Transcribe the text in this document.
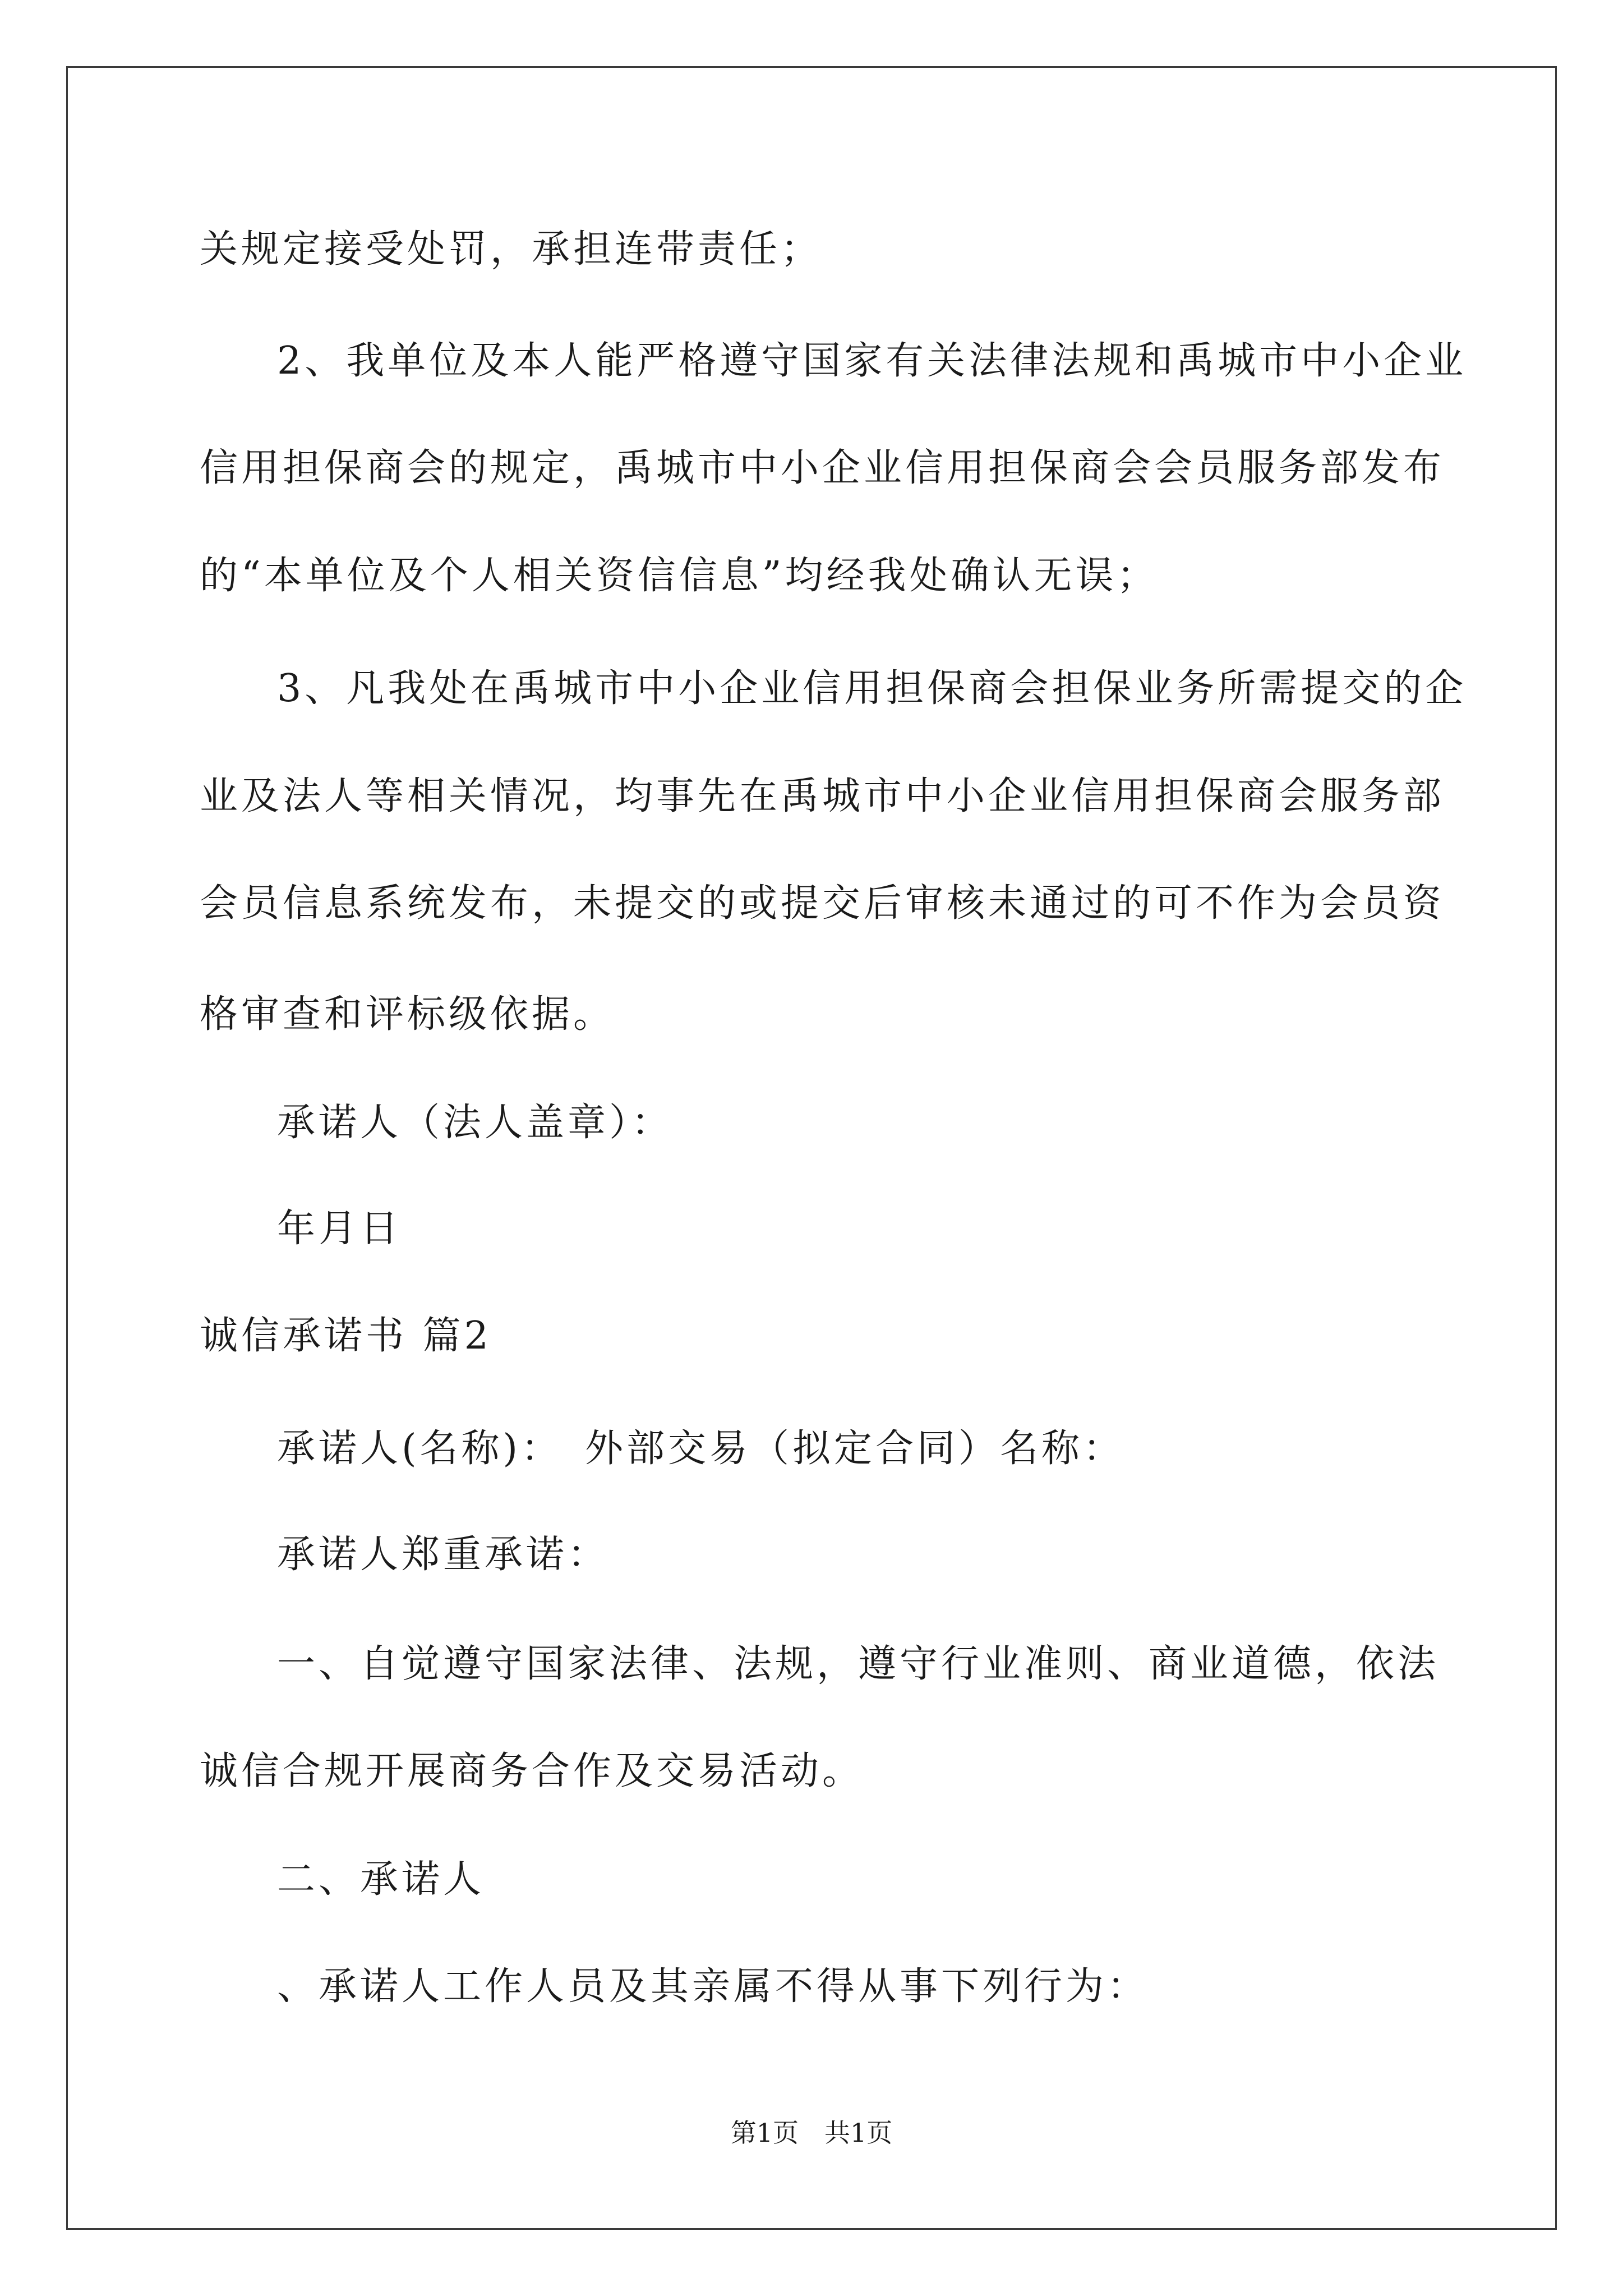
关规定接受处罚，承担连带责任；

2、我单位及本人能严格遵守国家有关法律法规和禹城市中小企业

信用担保商会的规定，禹城市中小企业信用担保商会会员服务部发布

的“本单位及个人相关资信信息”均经我处确认无误；

3、凡我处在禹城市中小企业信用担保商会担保业务所需提交的企

业及法人等相关情况，均事先在禹城市中小企业信用担保商会服务部

会员信息系统发布，未提交的或提交后审核未通过的可不作为会员资

格审查和评标级依据。

承诺人（法人盖章）：

年月日

诚信承诺书 篇2

承诺人(名称)：　外部交易（拟定合同）名称：

承诺人郑重承诺：

一、自觉遵守国家法律、法规，遵守行业准则、商业道德，依法

诚信合规开展商务合作及交易活动。

二、承诺人

、承诺人工作人员及其亲属不得从事下列行为：

第1页　共1页
